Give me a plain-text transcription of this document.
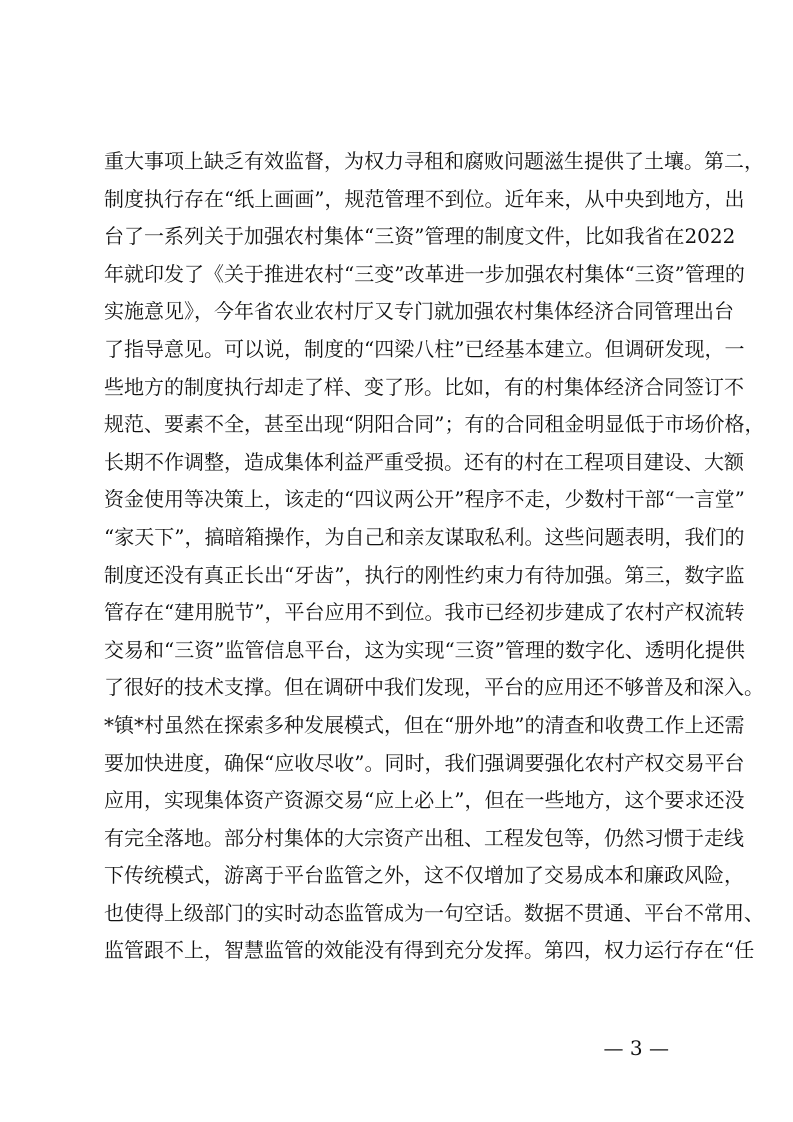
重大事项上缺乏有效监督，为权力寻租和腐败问题滋生提供了土壤。第二，
制度执行存在“纸上画画”，规范管理不到位。近年来，从中央到地方，出
台了一系列关于加强农村集体“三资”管理的制度文件，比如我省在2022
年就印发了《关于推进农村“三变”改革进一步加强农村集体“三资”管理的
实施意见》，今年省农业农村厅又专门就加强农村集体经济合同管理出台
了指导意见。可以说，制度的“四梁八柱”已经基本建立。但调研发现，一
些地方的制度执行却走了样、变了形。比如，有的村集体经济合同签订不
规范、要素不全，甚至出现“阴阳合同”；有的合同租金明显低于市场价格，
长期不作调整，造成集体利益严重受损。还有的村在工程项目建设、大额
资金使用等决策上，该走的“四议两公开”程序不走，少数村干部“一言堂”
“家天下”，搞暗箱操作，为自己和亲友谋取私利。这些问题表明，我们的
制度还没有真正长出“牙齿”，执行的刚性约束力有待加强。第三，数字监
管存在“建用脱节”，平台应用不到位。我市已经初步建成了农村产权流转
交易和“三资”监管信息平台，这为实现“三资”管理的数字化、透明化提供
了很好的技术支撑。但在调研中我们发现，平台的应用还不够普及和深入。
*镇*村虽然在探索多种发展模式，但在“册外地”的清查和收费工作上还需
要加快进度，确保“应收尽收”。同时，我们强调要强化农村产权交易平台
应用，实现集体资产资源交易“应上必上”，但在一些地方，这个要求还没
有完全落地。部分村集体的大宗资产出租、工程发包等，仍然习惯于走线
下传统模式，游离于平台监管之外，这不仅增加了交易成本和廉政风险，
也使得上级部门的实时动态监管成为一句空话。数据不贯通、平台不常用、
监管跟不上，智慧监管的效能没有得到充分发挥。第四，权力运行存在“任
— 3 —
